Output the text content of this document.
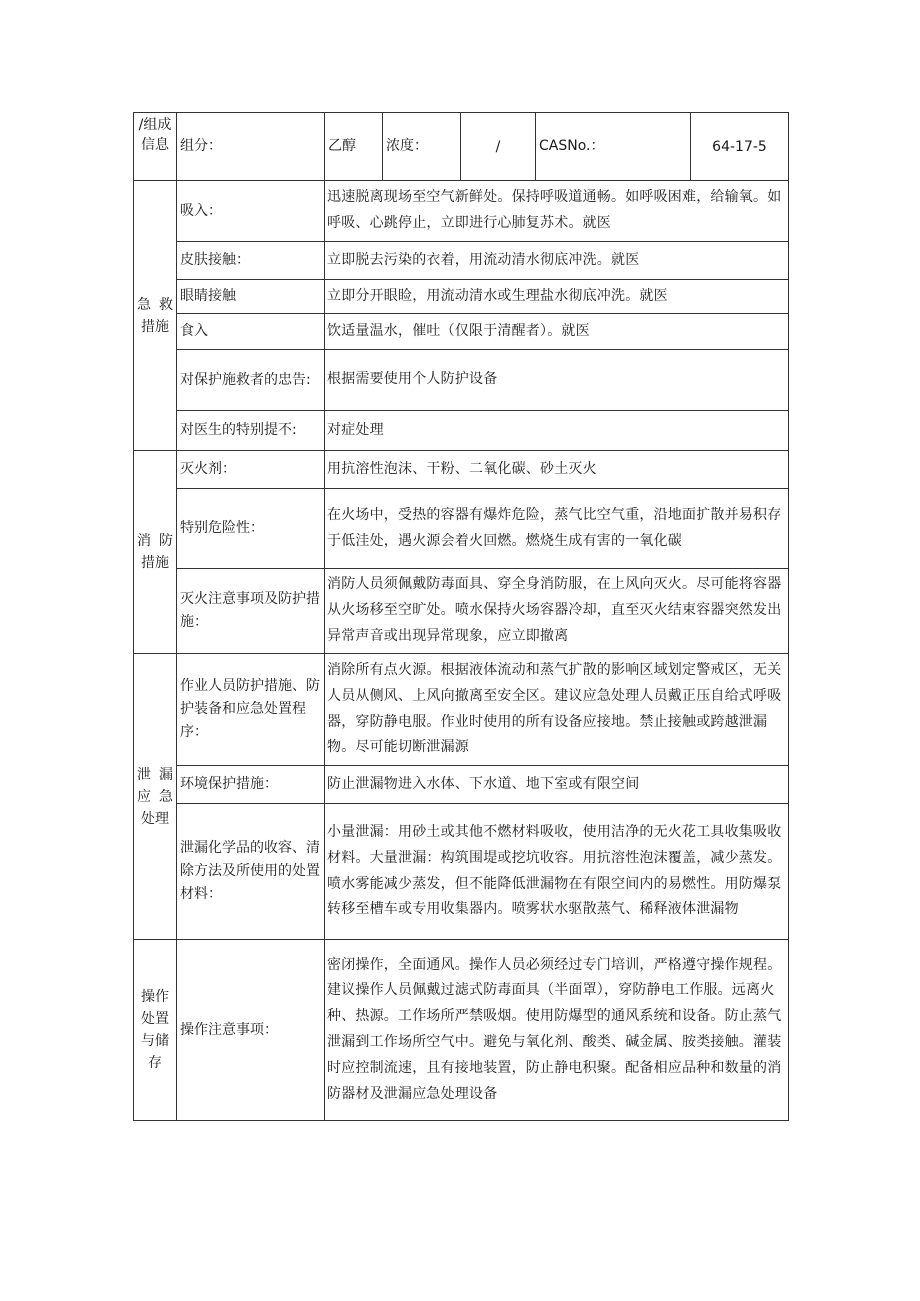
/组成信息	组分：	乙醇	浓度：	/	CASNo.：	64-17-5

急 救
措施	吸入：	迅速脱离现场至空气新鲜处。保持呼吸道通畅。如呼吸困难，给输氧。如呼吸、心跳停止，立即进行心肺复苏术。就医				
	皮肤接触：	立即脱去污染的衣着，用流动清水彻底冲洗。就医				
	眼睛接触	立即分开眼睑，用流动清水或生理盐水彻底冲洗。就医				
	食入	饮适量温水，催吐（仅限于清醒者）。就医				
	对保护施救者的忠告:	根据需要使用个人防护设备				
	对医生的特别提不:	对症处理				

消 防
措施	灭火剂：	用抗溶性泡沫、干粉、二氧化碳、砂土灭火				
	特别危险性：	在火场中，受热的容器有爆炸危险，蒸气比空气重，沿地面扩散并易积存于低洼处，遇火源会着火回燃。燃烧生成有害的一氧化碳				
	灭火注意事项及防护措施：	消防人员须佩戴防毒面具、穿全身消防服，在上风向灭火。尽可能将容器从火场移至空旷处。喷水保持火场容器冷却，直至灭火结束容器突然发出异常声音或出现异常现象，应立即撤离				

泄 漏
应 急
处理	作业人员防护措施、防护装备和应急处置程序：	消除所有点火源。根据液体流动和蒸气扩散的影响区域划定警戒区，无关人员从侧风、上风向撤离至安全区。建议应急处理人员戴正压自给式呼吸器，穿防静电服。作业时使用的所有设备应接地。禁止接触或跨越泄漏物。尽可能切断泄漏源				
	环境保护措施：	防止泄漏物进入水体、下水道、地下室或有限空间				
	泄漏化学品的收容、清除方法及所使用的处置材料：	小量泄漏：用砂土或其他不燃材料吸收，使用洁净的无火花工具收集吸收材料。大量泄漏：构筑围堤或挖坑收容。用抗溶性泡沫覆盖，减少蒸发。喷水雾能减少蒸发，但不能降低泄漏物在有限空间内的易燃性。用防爆泵转移至槽车或专用收集器内。喷雾状水驱散蒸气、稀释液体泄漏物				

操作
处置
与储
存	操作注意事项：	密闭操作，全面通风。操作人员必须经过专门培训，严格遵守操作规程。建议操作人员佩戴过滤式防毒面具（半面罩），穿防静电工作服。远离火种、热源。工作场所严禁吸烟。使用防爆型的通风系统和设备。防止蒸气泄漏到工作场所空气中。避免与氧化剂、酸类、碱金属、胺类接触。灌装时应控制流速，且有接地装置，防止静电积聚。配备相应品种和数量的消防器材及泄漏应急处理设备				
